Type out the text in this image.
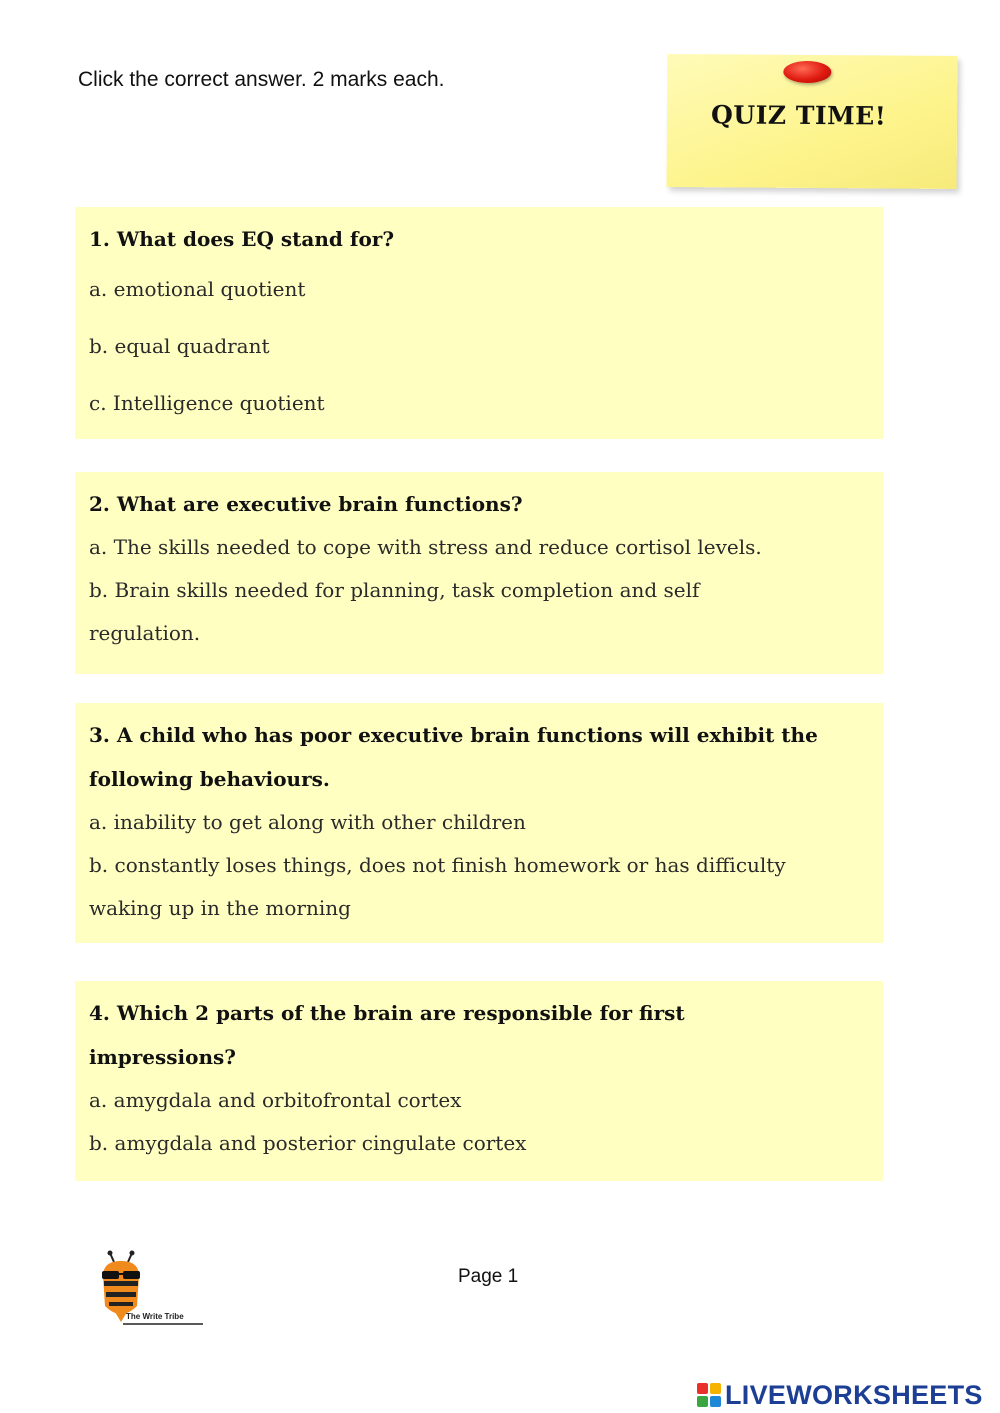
Click the correct answer. 2 marks each.
QUIZ TIME!
1. What does EQ stand for?
a. emotional quotient
b. equal quadrant
c. Intelligence quotient
2. What are executive brain functions?
a. The skills needed to cope with stress and reduce cortisol levels.
b. Brain skills needed for planning, task completion and self
regulation.
3. A child who has poor executive brain functions will exhibit the
following behaviours.
a. inability to get along with other children
b. constantly loses things, does not finish homework or has difficulty
waking up in the morning
4. Which 2 parts of the brain are responsible for first
impressions?
a. amygdala and orbitofrontal cortex
b. amygdala and posterior cingulate cortex
The Write Tribe
Page 1
LIVEWORKSHEETS
